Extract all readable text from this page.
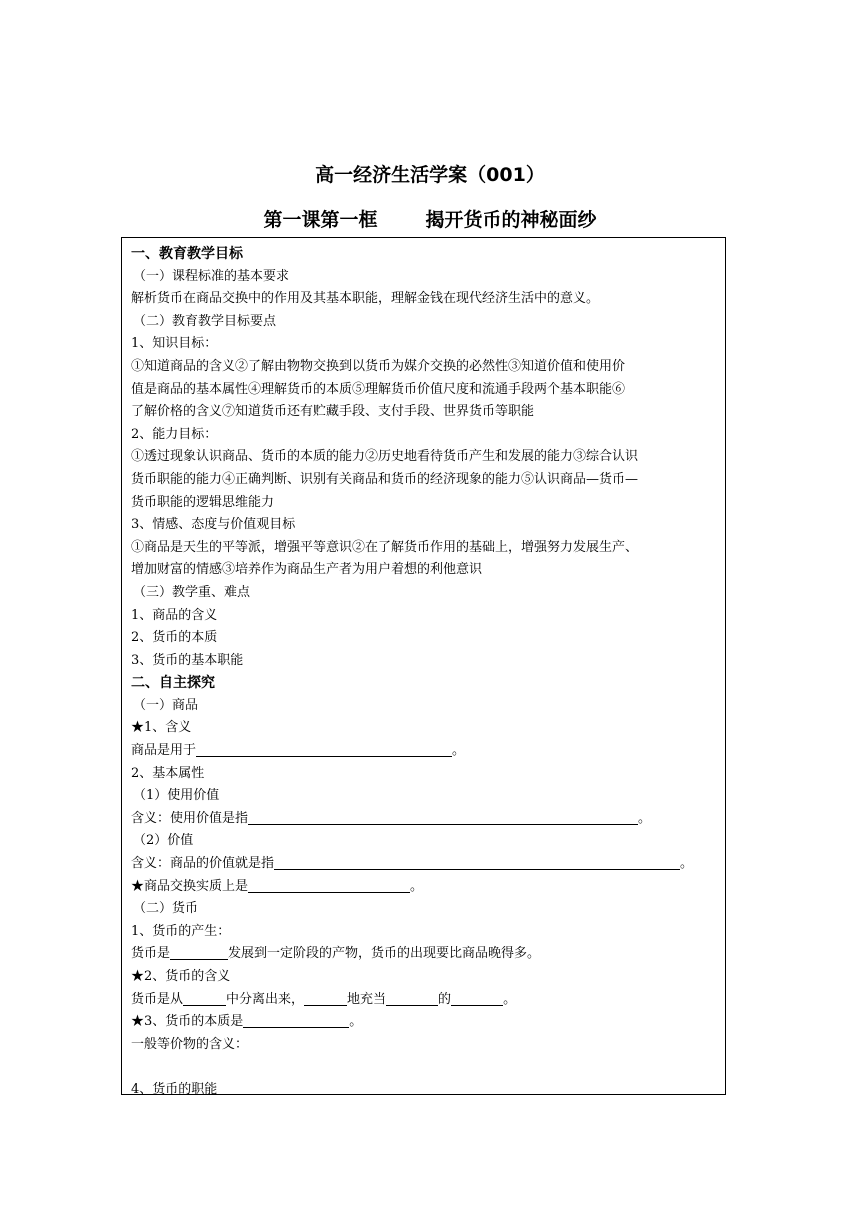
高一经济生活学案（001）
第一课第一框	揭开货币的神秘面纱
一、教育教学目标
（一）课程标准的基本要求
解析货币在商品交换中的作用及其基本职能，理解金钱在现代经济生活中的意义。
（二）教育教学目标要点
1、知识目标：
①知道商品的含义②了解由物物交换到以货币为媒介交换的必然性③知道价值和使用价
值是商品的基本属性④理解货币的本质⑤理解货币价值尺度和流通手段两个基本职能⑥
了解价格的含义⑦知道货币还有贮藏手段、支付手段、世界货币等职能
2、能力目标：
①透过现象认识商品、货币的本质的能力②历史地看待货币产生和发展的能力③综合认识
货币职能的能力④正确判断、识别有关商品和货币的经济现象的能力⑤认识商品—货币—
货币职能的逻辑思维能力
3、情感、态度与价值观目标
①商品是天生的平等派，增强平等意识②在了解货币作用的基础上，增强努力发展生产、
增加财富的情感③培养作为商品生产者为用户着想的利他意识
（三）教学重、难点
1、商品的含义
2、货币的本质
3、货币的基本职能
二、自主探究
（一）商品
★1、含义
商品是用于	。
2、基本属性
（1）使用价值
含义：使用价值是指	。
（2）价值
含义：商品的价值就是指	。
★商品交换实质上是	。
（二）货币
1、货币的产生：
货币是	发展到一定阶段的产物，货币的出现要比商品晚得多。
★2、货币的含义
货币是从	中分离出来，	地充当	的	。
★3、货币的本质是	。
一般等价物的含义：
4、货币的职能
